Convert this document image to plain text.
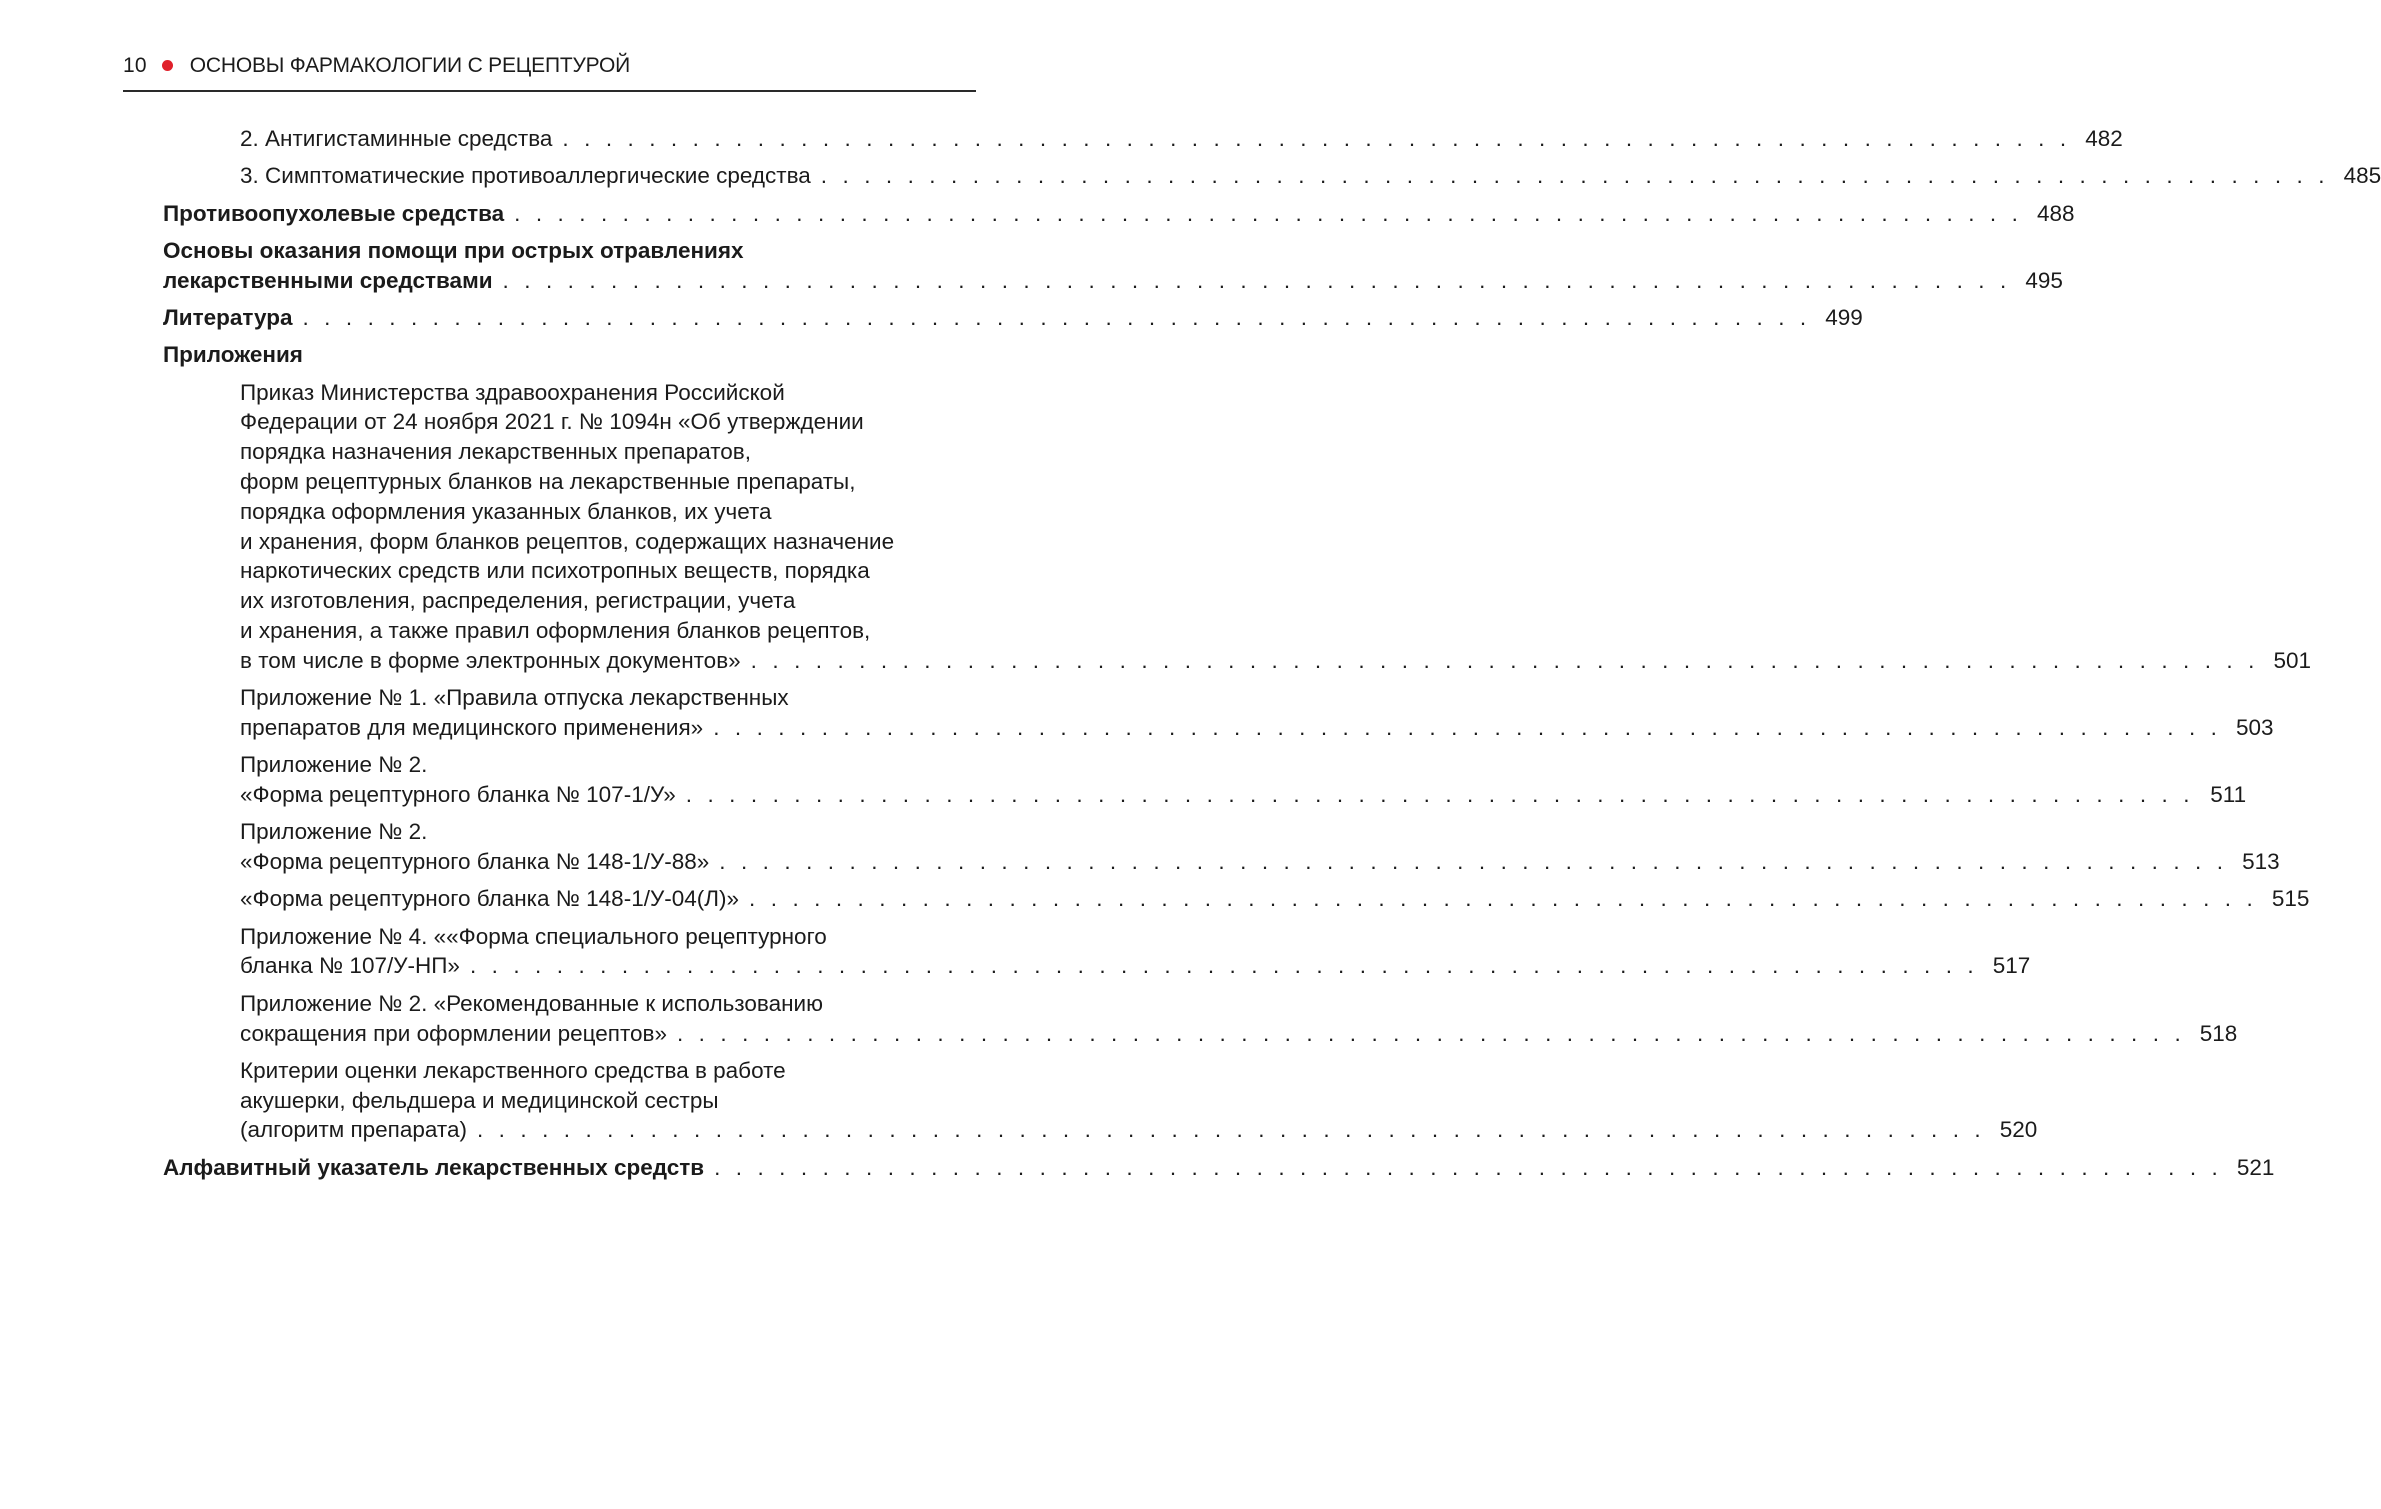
10 ОСНОВЫ ФАРМАКОЛОГИИ С РЕЦЕПТУРОЙ
2. Антигистаминные средства . . . . . . . . . . . . . . . . . . . . . . . . . . . . . . . . . . . . . . . . . . . . . . . . . . . . . . . . . . . . . . . . . . . . . . 482
3. Симптоматические противоаллергические средства . . . . . . . . . . . . . . . . . . . . . . . . . . . . . . . . . . . . . . . . . . . . . . . . . . . . . . . . . . . . . . . . . . . . . . 485
Противоопухолевые средства . . . . . . . . . . . . . . . . . . . . . . . . . . . . . . . . . . . . . . . . . . . . . . . . . . . . . . . . . . . . . . . . . . . . . . 488
Основы оказания помощи при острых отравлениях
лекарственными средствами . . . . . . . . . . . . . . . . . . . . . . . . . . . . . . . . . . . . . . . . . . . . . . . . . . . . . . . . . . . . . . . . . . . . . . 495
Литература . . . . . . . . . . . . . . . . . . . . . . . . . . . . . . . . . . . . . . . . . . . . . . . . . . . . . . . . . . . . . . . . . . . . . . 499
Приложения
Приказ Министерства здравоохранения Российской
Федерации от 24 ноября 2021 г. № 1094н «Об утверждении
порядка назначения лекарственных препаратов,
форм рецептурных бланков на лекарственные препараты,
порядка оформления указанных бланков, их учета
и хранения, форм бланков рецептов, содержащих назначение
наркотических средств или психотропных веществ, порядка
их изготовления, распределения, регистрации, учета
и хранения, а также правил оформления бланков рецептов,
в том числе в форме электронных документов» . . . . . . . . . . . . . . . . . . . . . . . . . . . . . . . . . . . . . . . . . . . . . . . . . . . . . . . . . . . . . . . . . . . . . . 501
Приложение № 1. «Правила отпуска лекарственных
препаратов для медицинского применения» . . . . . . . . . . . . . . . . . . . . . . . . . . . . . . . . . . . . . . . . . . . . . . . . . . . . . . . . . . . . . . . . . . . . . . 503
Приложение № 2.
«Форма рецептурного бланка № 107-1/У» . . . . . . . . . . . . . . . . . . . . . . . . . . . . . . . . . . . . . . . . . . . . . . . . . . . . . . . . . . . . . . . . . . . . . . 511
Приложение № 2.
«Форма рецептурного бланка № 148-1/У-88» . . . . . . . . . . . . . . . . . . . . . . . . . . . . . . . . . . . . . . . . . . . . . . . . . . . . . . . . . . . . . . . . . . . . . . 513
«Форма рецептурного бланка № 148-1/У-04(Л)» . . . . . . . . . . . . . . . . . . . . . . . . . . . . . . . . . . . . . . . . . . . . . . . . . . . . . . . . . . . . . . . . . . . . . . 515
Приложение № 4. ««Форма специального рецептурного
бланка № 107/У-НП» . . . . . . . . . . . . . . . . . . . . . . . . . . . . . . . . . . . . . . . . . . . . . . . . . . . . . . . . . . . . . . . . . . . . . . 517
Приложение № 2. «Рекомендованные к использованию
сокращения при оформлении рецептов» . . . . . . . . . . . . . . . . . . . . . . . . . . . . . . . . . . . . . . . . . . . . . . . . . . . . . . . . . . . . . . . . . . . . . . 518
Критерии оценки лекарственного средства в работе
акушерки, фельдшера и медицинской сестры
(алгоритм препарата) . . . . . . . . . . . . . . . . . . . . . . . . . . . . . . . . . . . . . . . . . . . . . . . . . . . . . . . . . . . . . . . . . . . . . . 520
Алфавитный указатель лекарственных средств . . . . . . . . . . . . . . . . . . . . . . . . . . . . . . . . . . . . . . . . . . . . . . . . . . . . . . . . . . . . . . . . . . . . . . 521
